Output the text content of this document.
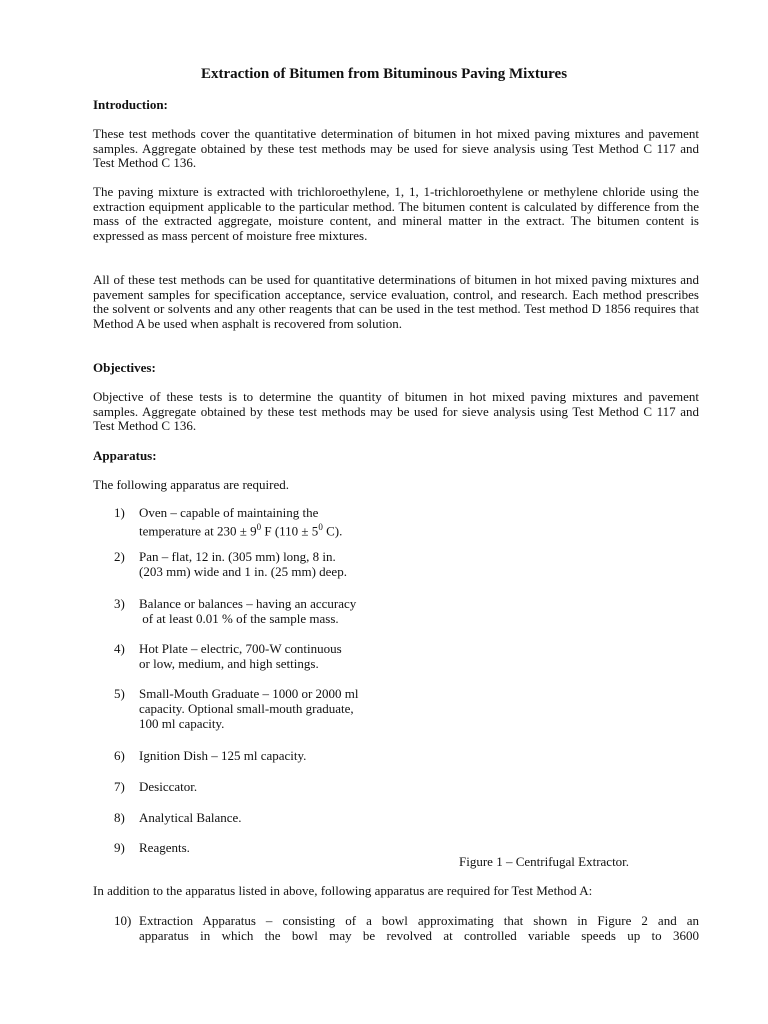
Extraction of Bitumen from Bituminous Paving Mixtures
Introduction:
These test methods cover the quantitative determination of bitumen in hot mixed paving mixtures and pavement samples. Aggregate obtained by these test methods may be used for sieve analysis using Test Method C 117 and Test Method C 136.
The paving mixture is extracted with trichloroethylene, 1, 1, 1-trichloroethylene or methylene chloride using the extraction equipment applicable to the particular method. The bitumen content is calculated by difference from the mass of the extracted aggregate, moisture content, and mineral matter in the extract. The bitumen content is expressed as mass percent of moisture free mixtures.
All of these test methods can be used for quantitative determinations of bitumen in hot mixed paving mixtures and pavement samples for specification acceptance, service evaluation, control, and research. Each method prescribes the solvent or solvents and any other reagents that can be used in the test method. Test method D 1856 requires that Method A be used when asphalt is recovered from solution.
Objectives:
Objective of these tests is to determine the quantity of bitumen in hot mixed paving mixtures and pavement samples. Aggregate obtained by these test methods may be used for sieve analysis using Test Method C 117 and Test Method C 136.
Apparatus:
The following apparatus are required.
1)	Oven – capable of maintaining the
temperature at $230 \pm 9^0$ F ($110 \pm 5^0$ C).
2)	Pan – flat, 12 in. (305 mm) long, 8 in.
(203 mm) wide and 1 in. (25 mm) deep.
3)	Balance or balances – having an accuracy
of at least 0.01 % of the sample mass.
4)	Hot Plate – electric, 700-W continuous
or low, medium, and high settings.
5)	Small-Mouth Graduate – 1000 or 2000 ml
capacity. Optional small-mouth graduate,
100 ml capacity.
6)	Ignition Dish – 125 ml capacity.
7)	Desiccator.
8)	Analytical Balance.
9)	Reagents.
Figure 1 – Centrifugal Extractor.
In addition to the apparatus listed in above, following apparatus are required for Test Method A:
10) Extraction Apparatus – consisting of a bowl approximating that shown in Figure 2 and an
apparatus in which the bowl may be revolved at controlled variable speeds up to 3600
